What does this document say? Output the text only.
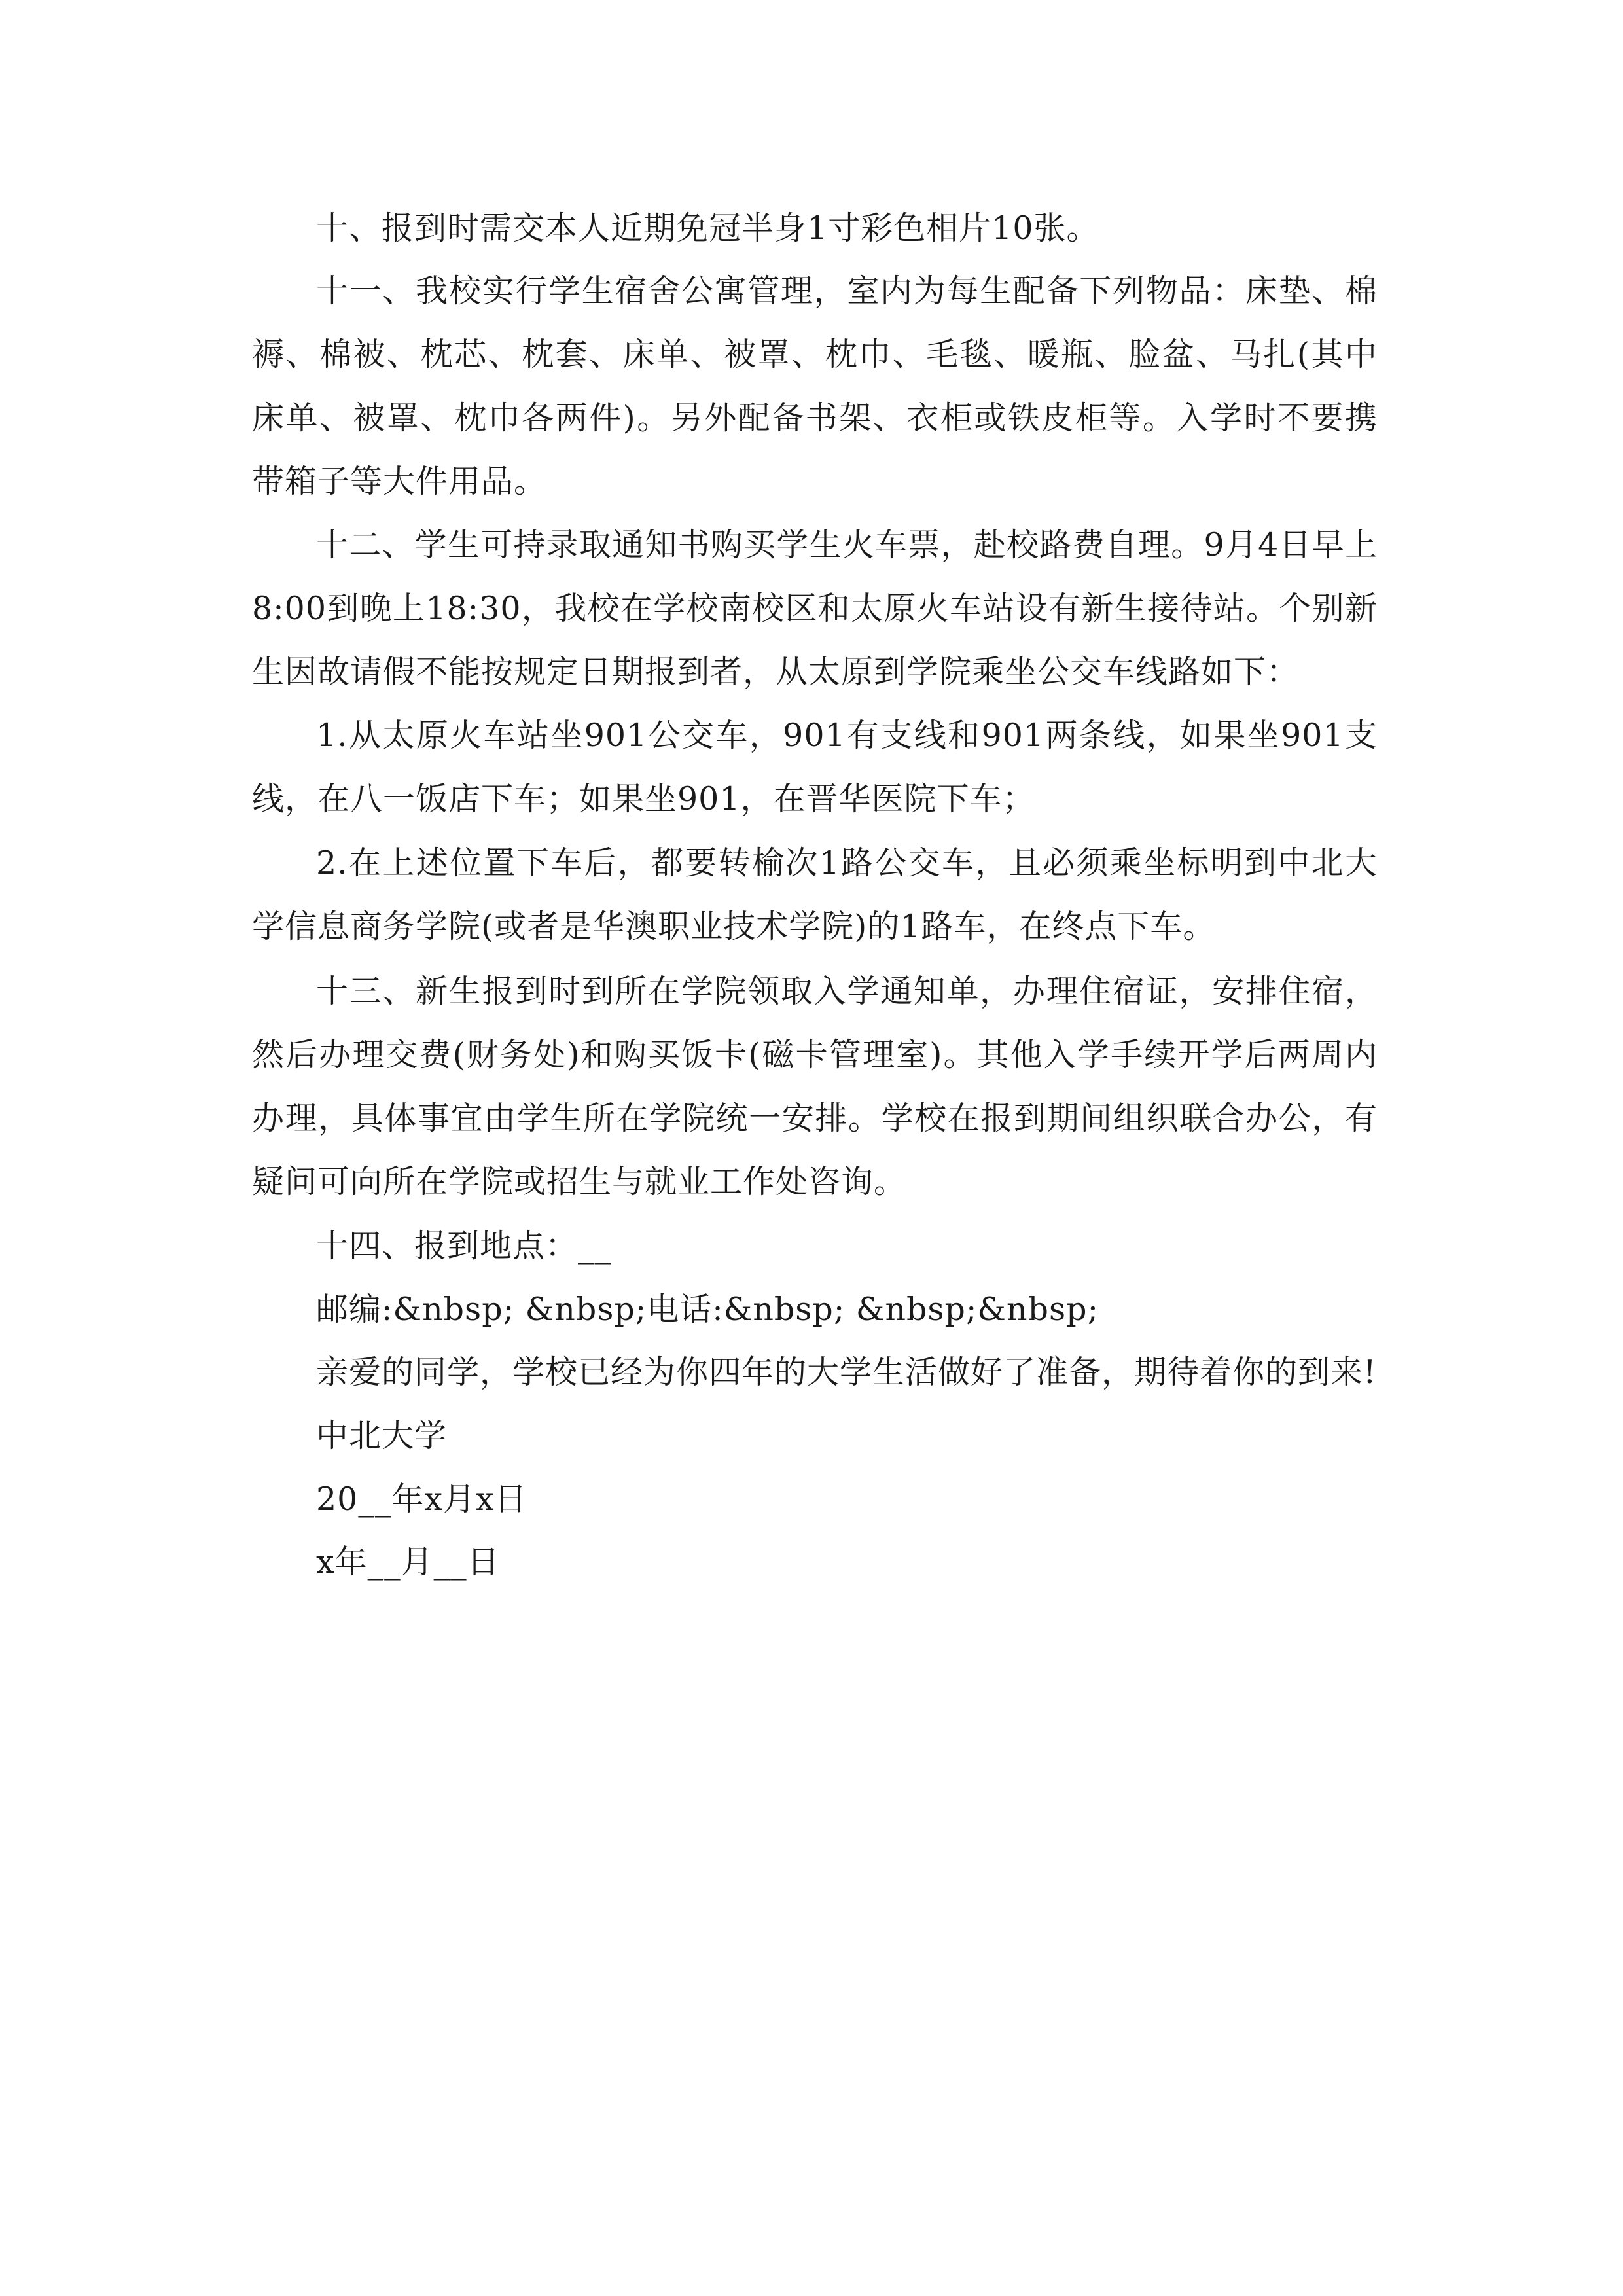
十、报到时需交本人近期免冠半身1寸彩色相片10张。

十一、我校实行学生宿舍公寓管理，室内为每生配备下列物品：床垫、棉褥、棉被、枕芯、枕套、床单、被罩、枕巾、毛毯、暖瓶、脸盆、马扎(其中床单、被罩、枕巾各两件)。另外配备书架、衣柜或铁皮柜等。入学时不要携带箱子等大件用品。

十二、学生可持录取通知书购买学生火车票，赴校路费自理。9月4日早上8:00到晚上18:30，我校在学校南校区和太原火车站设有新生接待站。个别新生因故请假不能按规定日期报到者，从太原到学院乘坐公交车线路如下：

1.从太原火车站坐901公交车，901有支线和901两条线，如果坐901支线，在八一饭店下车；如果坐901，在晋华医院下车；

2.在上述位置下车后，都要转榆次1路公交车，且必须乘坐标明到中北大学信息商务学院(或者是华澳职业技术学院)的1路车，在终点下车。

十三、新生报到时到所在学院领取入学通知单，办理住宿证，安排住宿，然后办理交费(财务处)和购买饭卡(磁卡管理室)。其他入学手续开学后两周内办理，具体事宜由学生所在学院统一安排。学校在报到期间组织联合办公，有疑问可向所在学院或招生与就业工作处咨询。

十四、报到地点：__

邮编:&nbsp; &nbsp;电话:&nbsp; &nbsp;&nbsp;

亲爱的同学，学校已经为你四年的大学生活做好了准备，期待着你的到来!

中北大学

20__年x月x日

x年__月__日
